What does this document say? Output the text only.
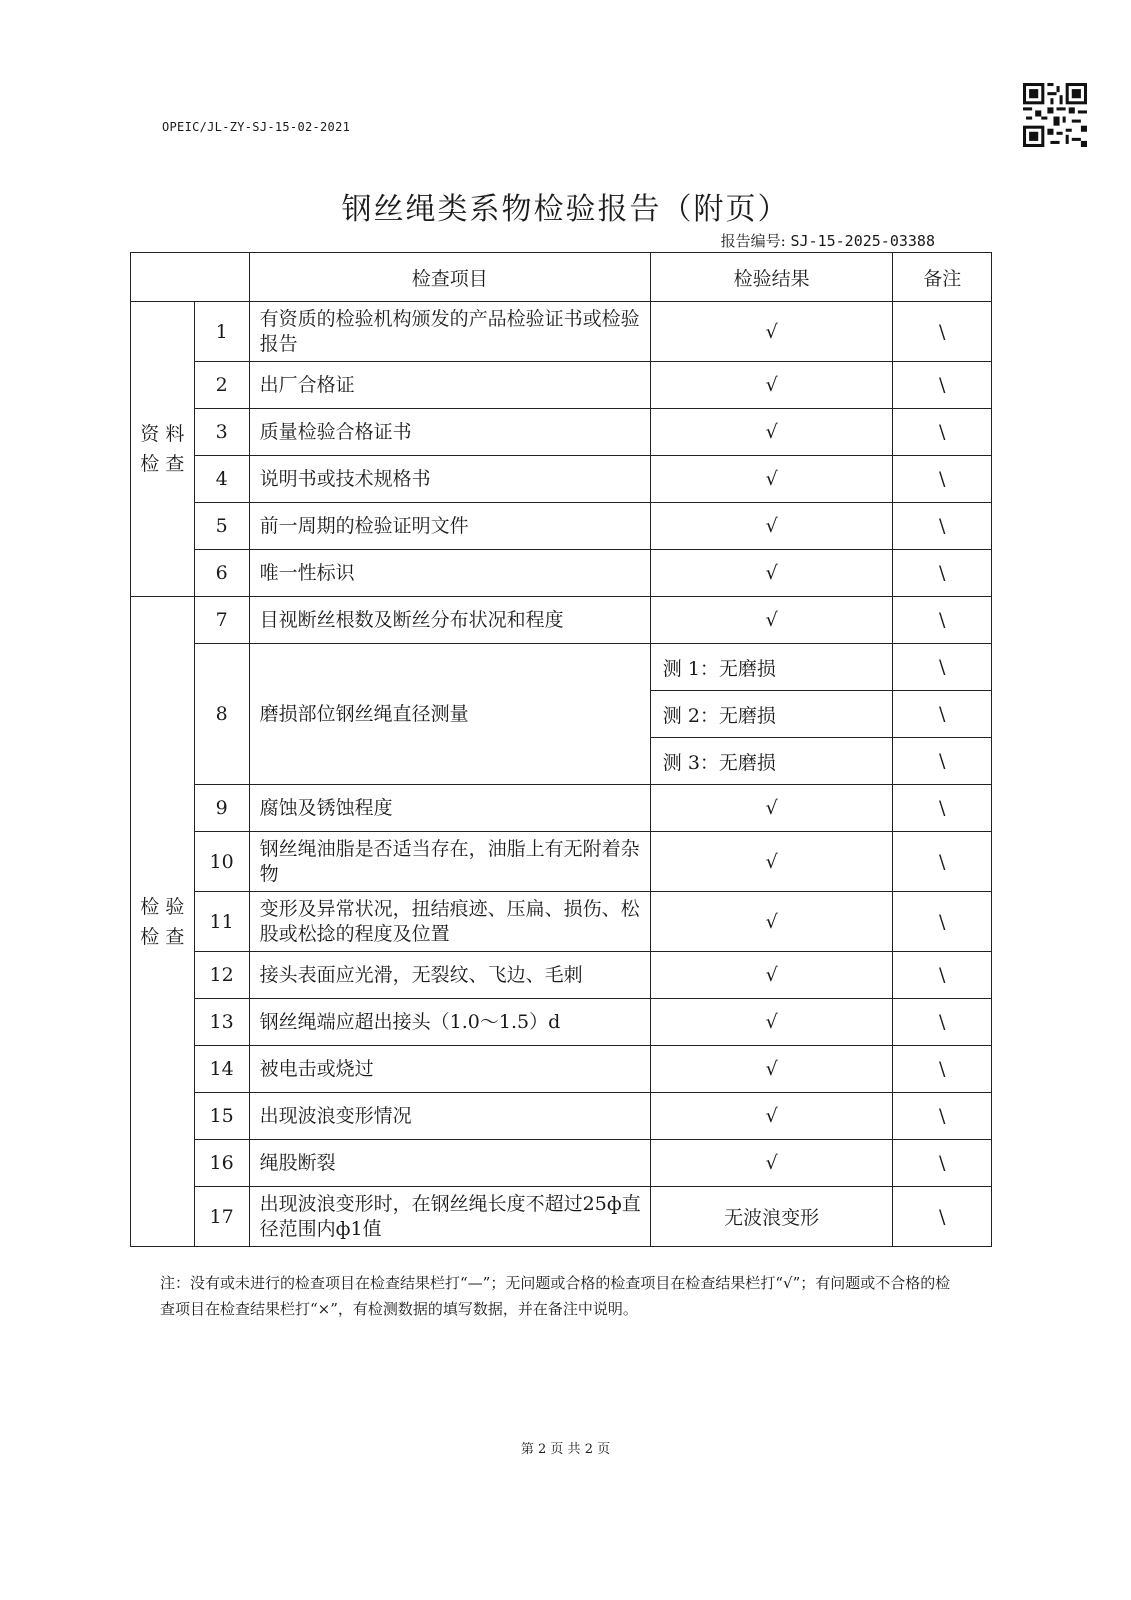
OPEIC/JL-ZY-SJ-15-02-2021
钢丝绳类系物检验报告（附页）
报告编号: SJ-15-2025-03388
		检查项目	检验结果	备注
资 料
检 查	1	有资质的检验机构颁发的产品检验证书或检验报告	√	\
	2	出厂合格证	√	\
	3	质量检验合格证书	√	\
	4	说明书或技术规格书	√	\
	5	前一周期的检验证明文件	√	\
	6	唯一性标识	√	\
检 验
检 查	7	目视断丝根数及断丝分布状况和程度	√	\
	8	磨损部位钢丝绳直径测量	测 1：无磨损	\
			测 2：无磨损	\
			测 3：无磨损	\
	9	腐蚀及锈蚀程度	√	\
	10	钢丝绳油脂是否适当存在，油脂上有无附着杂物	√	\
	11	变形及异常状况，扭结痕迹、压扁、损伤、松股或松捻的程度及位置	√	\
	12	接头表面应光滑，无裂纹、飞边、毛刺	√	\
	13	钢丝绳端应超出接头（1.0～1.5）d	√	\
	14	被电击或烧过	√	\
	15	出现波浪变形情况	√	\
	16	绳股断裂	√	\
	17	出现波浪变形时，在钢丝绳长度不超过25ф直径范围内ф1值	无波浪变形	\
注：没有或未进行的检查项目在检查结果栏打“—”；无问题或合格的检查项目在检查结果栏打“√”；有问题或不合格的检查项目在检查结果栏打“×”，有检测数据的填写数据，并在备注中说明。
第 2 页 共 2 页
